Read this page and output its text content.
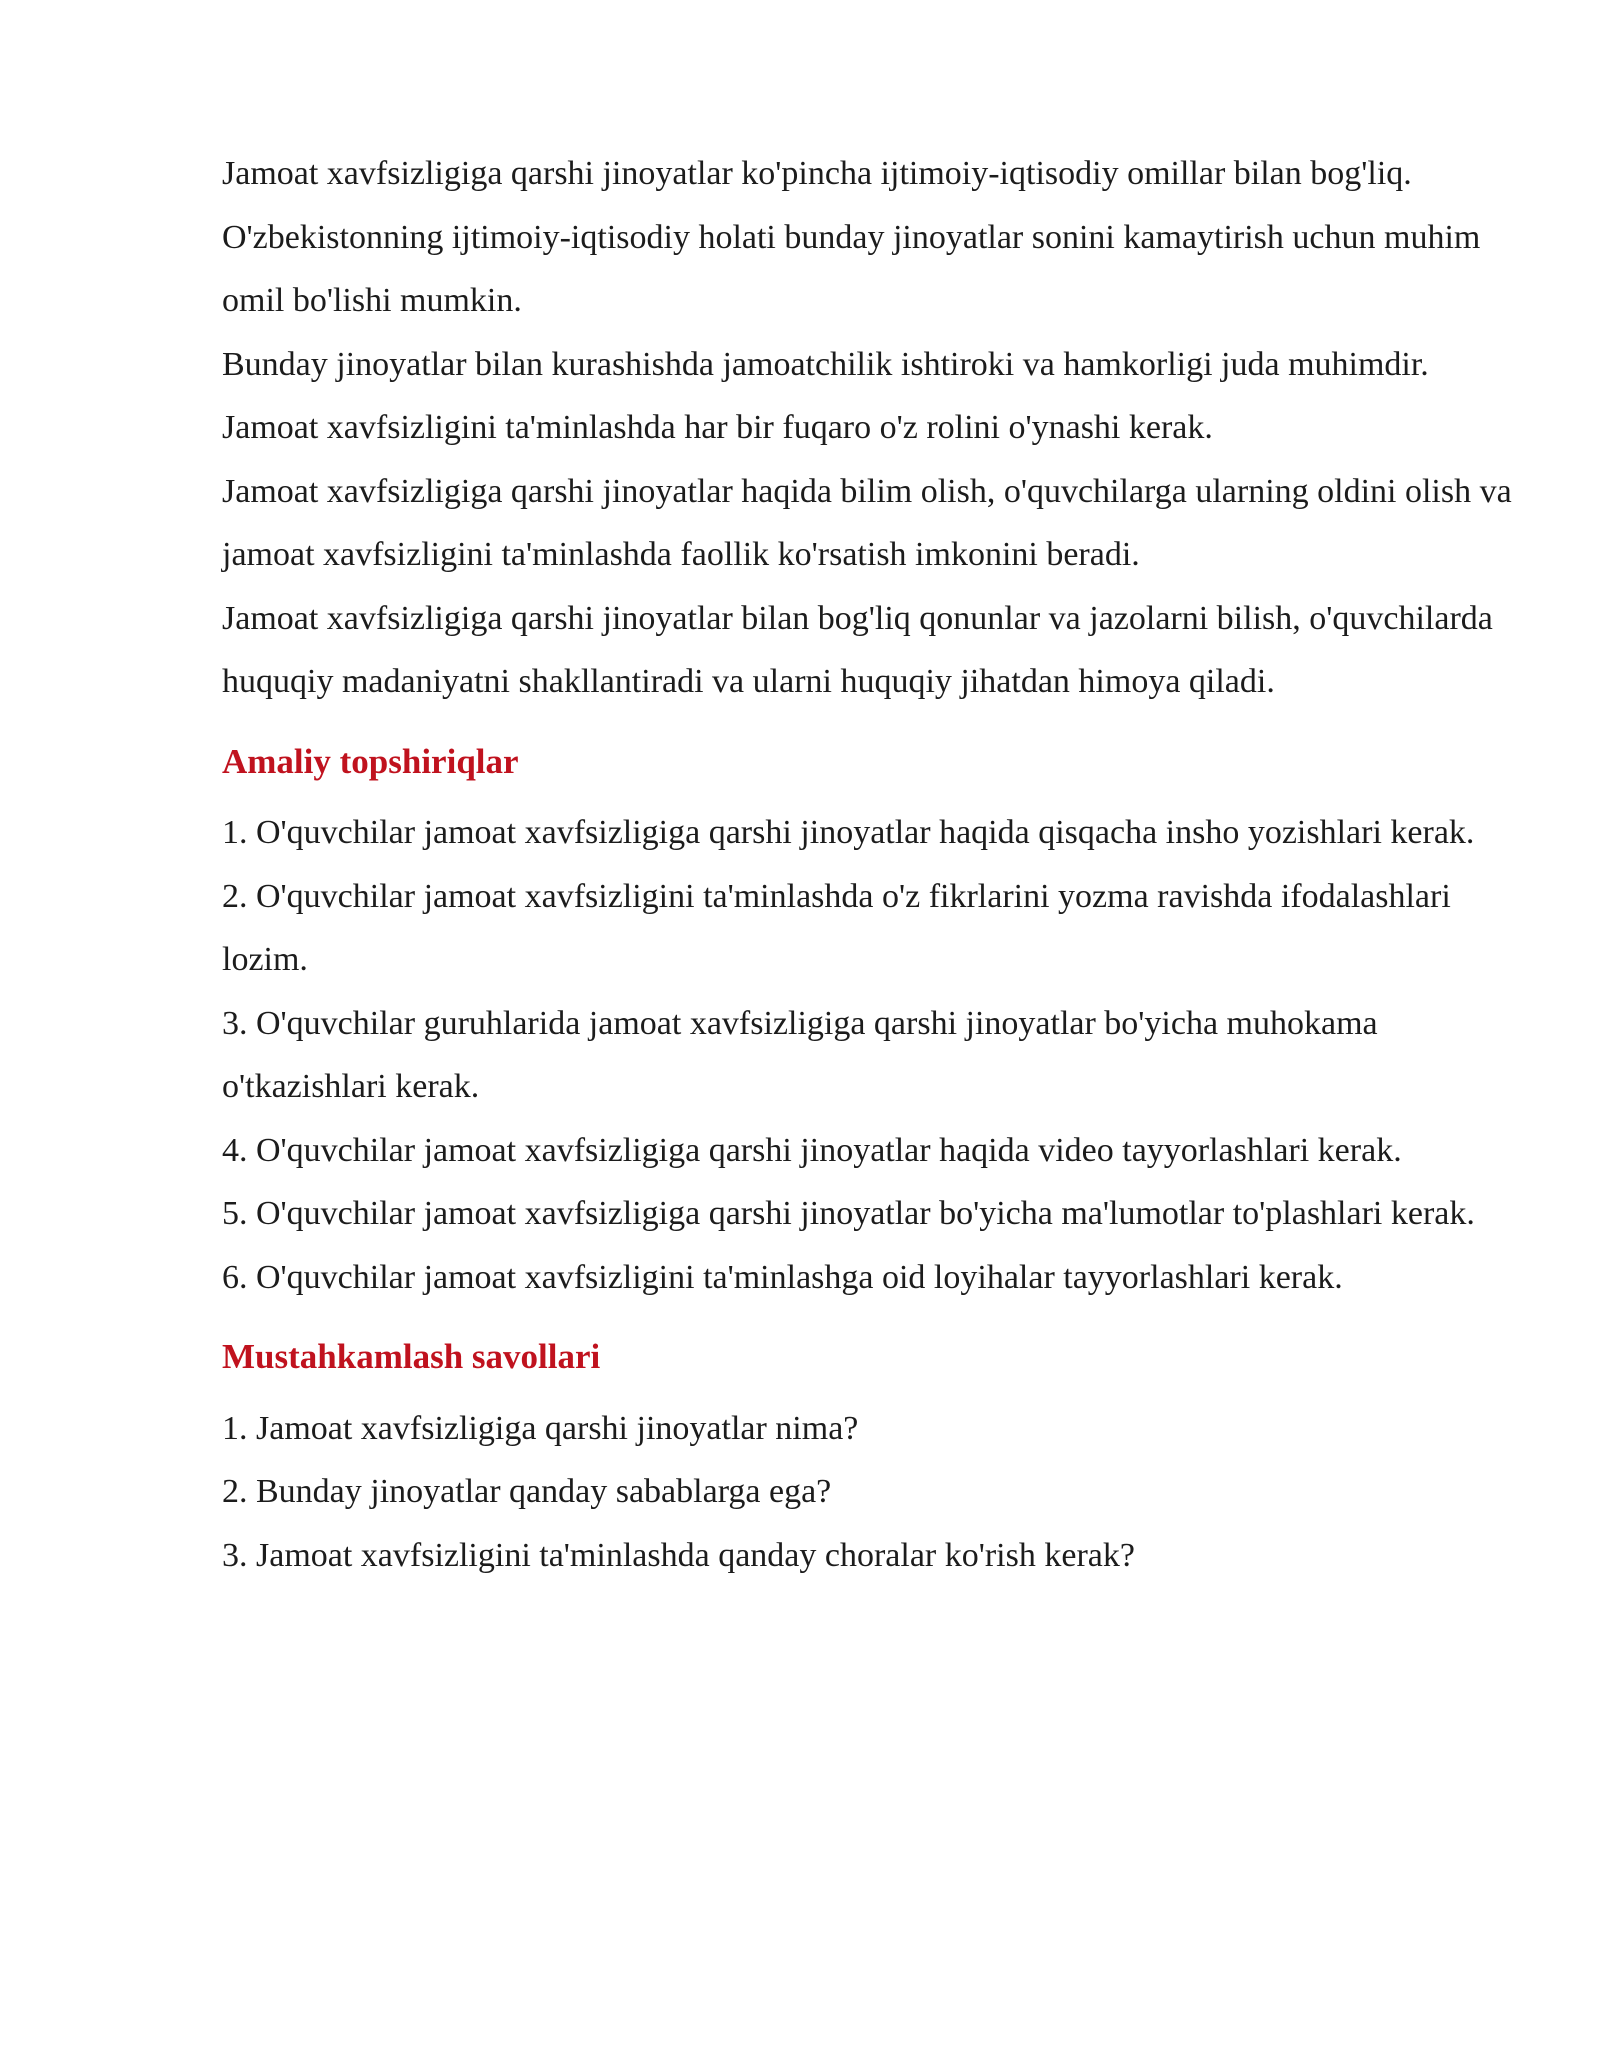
Jamoat xavfsizligiga qarshi jinoyatlar ko'pincha ijtimoiy-iqtisodiy omillar bilan bog'liq. O'zbekistonning ijtimoiy-iqtisodiy holati bunday jinoyatlar sonini kamaytirish uchun muhim omil bo'lishi mumkin.

Bunday jinoyatlar bilan kurashishda jamoatchilik ishtiroki va hamkorligi juda muhimdir. Jamoat xavfsizligini ta'minlashda har bir fuqaro o'z rolini o'ynashi kerak.

Jamoat xavfsizligiga qarshi jinoyatlar haqida bilim olish, o'quvchilarga ularning oldini olish va jamoat xavfsizligini ta'minlashda faollik ko'rsatish imkonini beradi.

Jamoat xavfsizligiga qarshi jinoyatlar bilan bog'liq qonunlar va jazolarni bilish, o'quvchilarda huquqiy madaniyatni shakllantiradi va ularni huquqiy jihatdan himoya qiladi.

Amaliy topshiriqlar

1. O'quvchilar jamoat xavfsizligiga qarshi jinoyatlar haqida qisqacha insho yozishlari kerak.

2. O'quvchilar jamoat xavfsizligini ta'minlashda o'z fikrlarini yozma ravishda ifodalashlari lozim.

3. O'quvchilar guruhlarida jamoat xavfsizligiga qarshi jinoyatlar bo'yicha muhokama o'tkazishlari kerak.

4. O'quvchilar jamoat xavfsizligiga qarshi jinoyatlar haqida video tayyorlashlari kerak.

5. O'quvchilar jamoat xavfsizligiga qarshi jinoyatlar bo'yicha ma'lumotlar to'plashlari kerak.

6. O'quvchilar jamoat xavfsizligini ta'minlashga oid loyihalar tayyorlashlari kerak.

Mustahkamlash savollari

1. Jamoat xavfsizligiga qarshi jinoyatlar nima?

2. Bunday jinoyatlar qanday sabablarga ega?

3. Jamoat xavfsizligini ta'minlashda qanday choralar ko'rish kerak?
